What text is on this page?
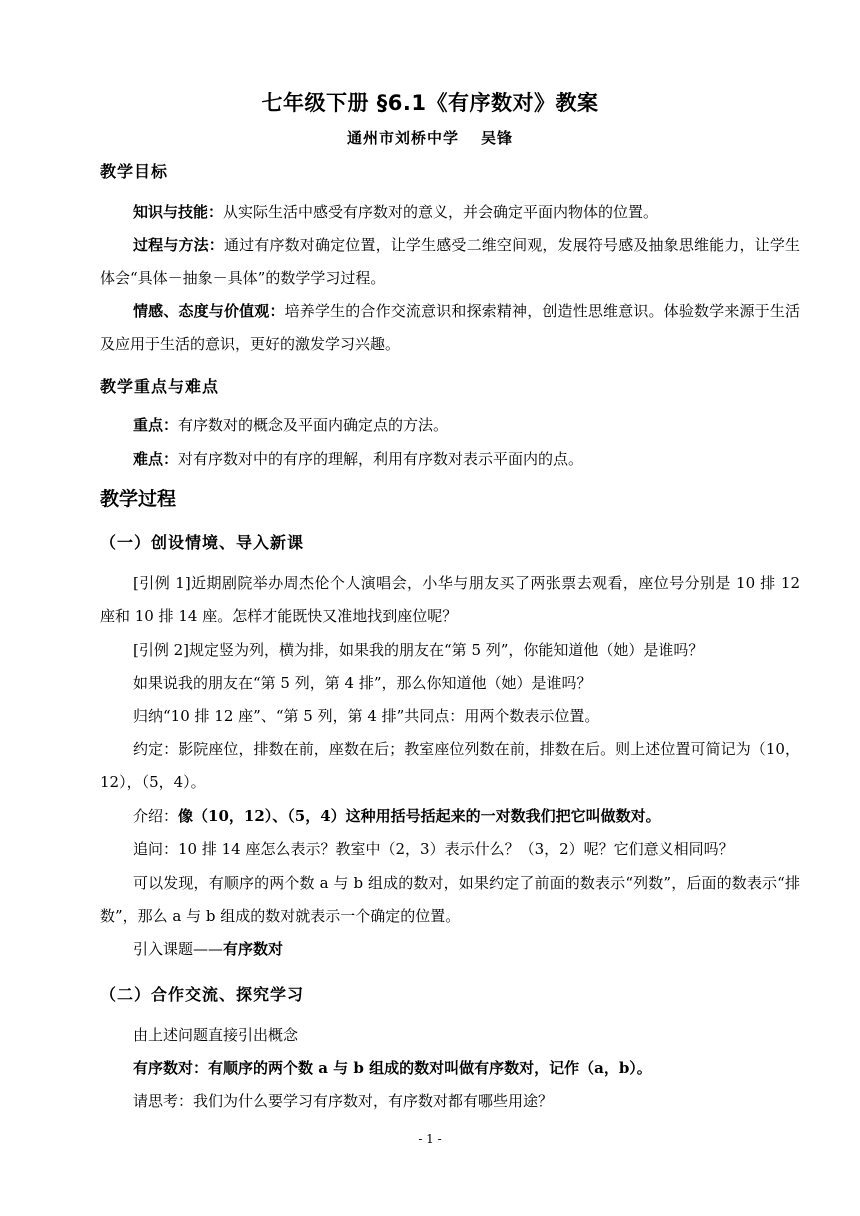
七年级下册 §6.1《有序数对》教案
通州市刘桥中学 吴锋
教学目标

知识与技能：从实际生活中感受有序数对的意义，并会确定平面内物体的位置。

过程与方法：通过有序数对确定位置，让学生感受二维空间观，发展符号感及抽象思维能力，让学生体会“具体－抽象－具体”的数学学习过程。

情感、态度与价值观：培养学生的合作交流意识和探索精神，创造性思维意识。体验数学来源于生活及应用于生活的意识，更好的激发学习兴趣。

教学重点与难点

重点：有序数对的概念及平面内确定点的方法。

难点：对有序数对中的有序的理解，利用有序数对表示平面内的点。

教学过程
（一）创设情境、导入新课

[引例 1]近期剧院举办周杰伦个人演唱会，小华与朋友买了两张票去观看，座位号分别是 10 排 12 座和 10 排 14 座。怎样才能既快又准地找到座位呢？

[引例 2]规定竖为列，横为排，如果我的朋友在“第 5 列”，你能知道他（她）是谁吗？

如果说我的朋友在“第 5 列，第 4 排”，那么你知道他（她）是谁吗？

归纳“10 排 12 座”、“第 5 列，第 4 排”共同点：用两个数表示位置。

约定：影院座位，排数在前，座数在后；教室座位列数在前，排数在后。则上述位置可简记为（10，12），（5，4）。

介绍：像（10，12）、（5，4）这种用括号括起来的一对数我们把它叫做数对。

追问：10 排 14 座怎么表示？教室中（2，3）表示什么？（3，2）呢？它们意义相同吗？

可以发现，有顺序的两个数 a 与 b 组成的数对，如果约定了前面的数表示“列数”，后面的数表示“排数”，那么 a 与 b 组成的数对就表示一个确定的位置。

引入课题——有序数对

（二）合作交流、探究学习

由上述问题直接引出概念

有序数对：有顺序的两个数 a 与 b 组成的数对叫做有序数对，记作（a，b）。

请思考：我们为什么要学习有序数对，有序数对都有哪些用途？

- 1 -
